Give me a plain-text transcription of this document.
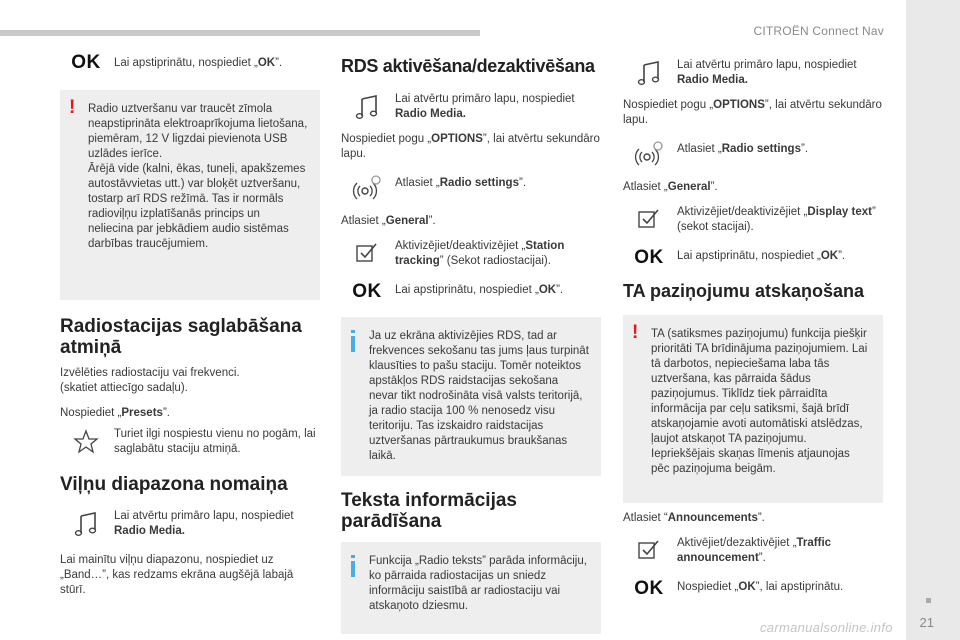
CITROËN Connect Nav
21
carmanualsonline.info
OK Lai apstiprinātu, nospiediet „OK”.
! Radio uztveršanu var traucēt zīmola neapstiprināta elektroaprīkojuma lietošana, piemēram, 12 V ligzdai pievienota USB uzlādes ierīce.
Ārējā vide (kalni, ēkas, tuneļi, apakšzemes autostāvvietas utt.) var bloķēt uztveršanu, tostarp arī RDS režīmā. Tas ir normāls radioviļņu izplatīšanās princips un neliecina par jebkādiem audio sistēmas darbības traucējumiem.
Radiostacijas saglabāšana atmiņā

Izvēlēties radiostaciju vai frekvenci.
(skatiet attiecīgo sadaļu).

Nospiediet „Presets”.

Turiet ilgi nospiestu vienu no pogām, lai saglabātu staciju atmiņā.
Viļņu diapazona nomaiņa
Lai atvērtu primāro lapu, nospiediet
Radio Media.

Lai mainītu viļņu diapazonu, nospiediet uz „Band…”, kas redzams ekrāna augšējā labajā stūrī.

RDS aktivēšana/dezaktivēšana
Lai atvērtu primāro lapu, nospiediet
Radio Media.

Nospiediet pogu „OPTIONS”, lai atvērtu sekundāro lapu.

Atlasiet „Radio settings”.

Atlasiet „General”.

Aktivizējiet/deaktivizējiet „Station tracking” (Sekot radiostacijai).
OK Lai apstiprinātu, nospiediet „OK”.
Ja uz ekrāna aktivizējies RDS, tad ar frekvences sekošanu tas jums ļaus turpināt klausīties to pašu staciju. Tomēr noteiktos apstākļos RDS raidstacijas sekošana nevar tikt nodrošināta visā valsts teritorijā, ja radio stacija 100 % nenosedz visu teritoriju. Tas izskaidro raidstacijas uztveršanas pārtraukumus braukšanas laikā.
Teksta informācijas parādīšana
Funkcija „Radio teksts” parāda informāciju, ko pārraida radiostacijas un sniedz informāciju saistībā ar radiostaciju vai atskaņoto dziesmu.
Lai atvērtu primāro lapu, nospiediet
Radio Media.

Nospiediet pogu „OPTIONS”, lai atvērtu sekundāro lapu.

Atlasiet „Radio settings”.

Atlasiet „General”.

Aktivizējiet/deaktivizējiet „Display text” (sekot stacijai).
OK Lai apstiprinātu, nospiediet „OK”.
TA paziņojumu atskaņošana
! TA (satiksmes paziņojumu) funkcija piešķir prioritāti TA brīdinājuma paziņojumiem. Lai tā darbotos, nepieciešama laba tās uztveršana, kas pārraida šādus paziņojumus. Tiklīdz tiek pārraidīta informācija par ceļu satiksmi, šajā brīdī atskaņojamie avoti automātiski atslēdzas, ļaujot atskaņot TA paziņojumu. Iepriekšējais skaņas līmenis atjaunojas pēc paziņojuma beigām.

Atlasiet “Announcements”.

Aktivējiet/dezaktivējiet „Traffic announcement”.
OK Nospiediet „OK”, lai apstiprinātu.
